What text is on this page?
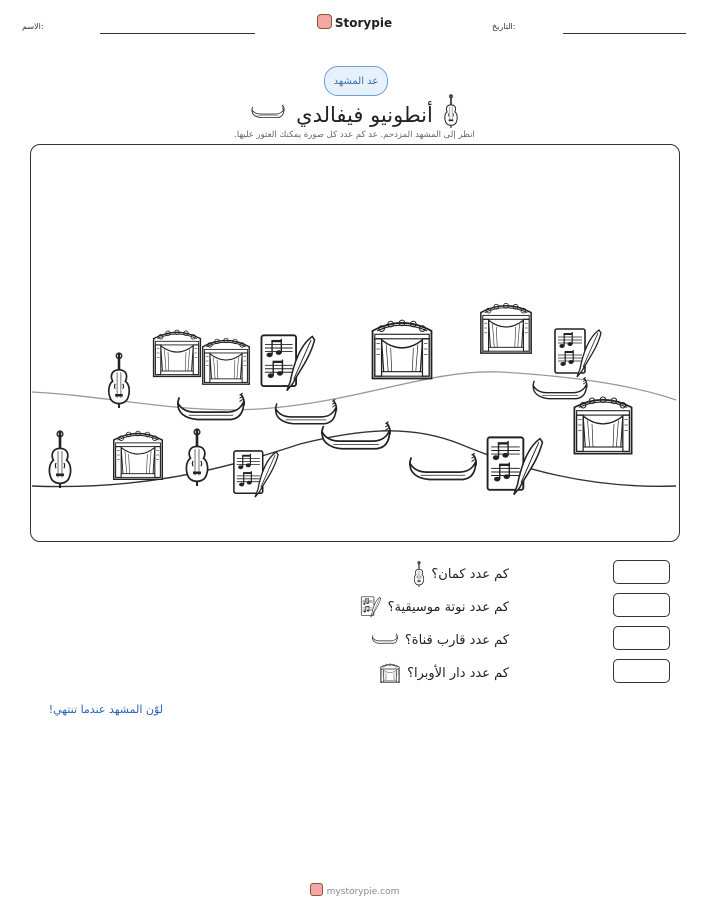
الاسم:	Storypie	التاريخ:
عد المشهد
أنطونيو فيفالدي
انظر إلى المشهد المزدحم. عد كم عدد كل صورة يمكنك العثور عليها.
كم عدد كمان؟
كم عدد نوتة موسيقية؟
كم عدد قارب قناة؟
كم عدد دار الأوبرا؟
لوّن المشهد عندما تنتهي!
mystorypie.com
